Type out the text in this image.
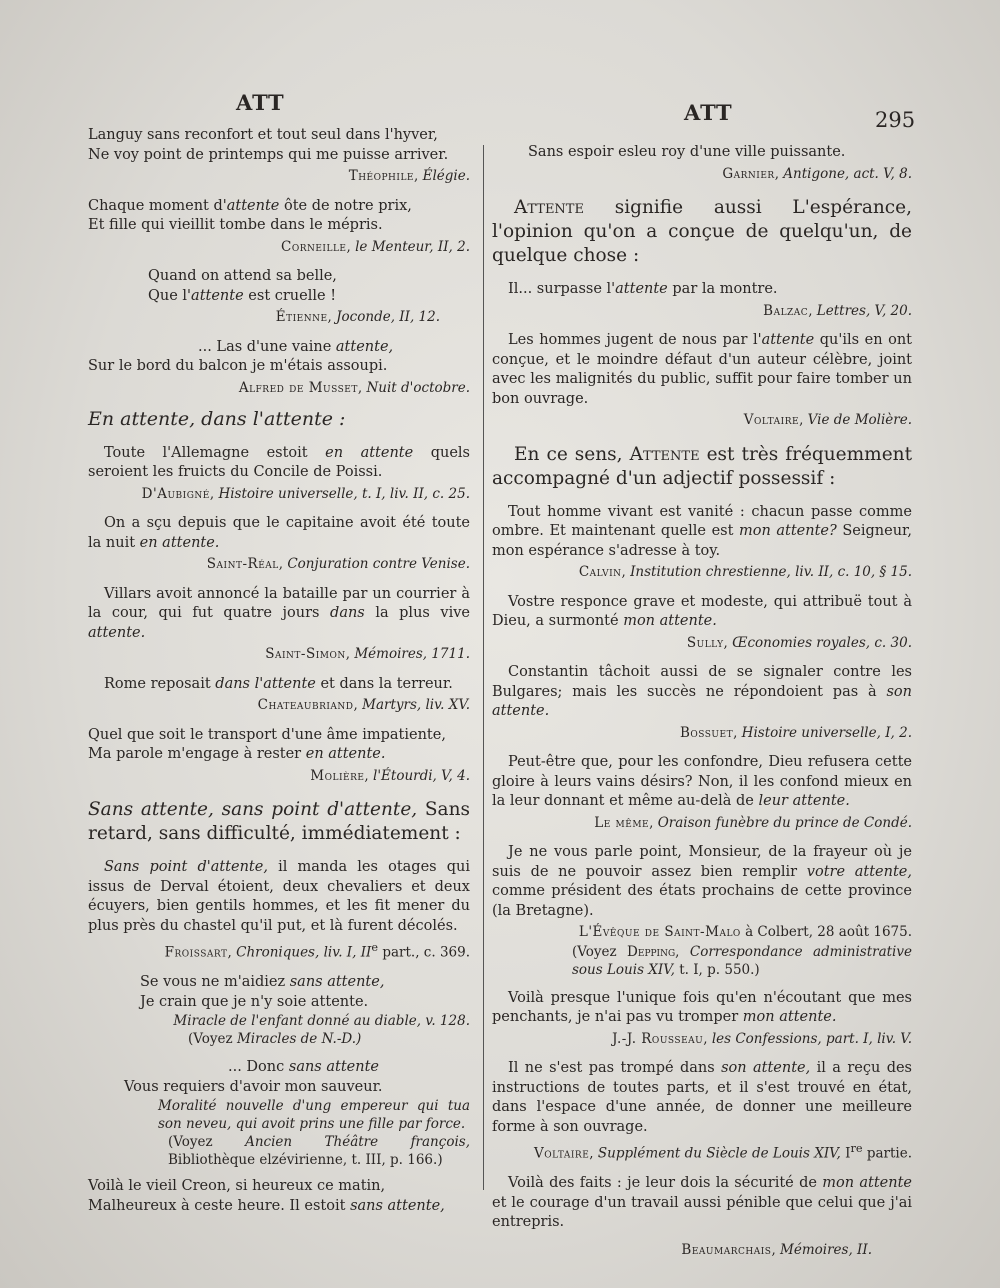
ATT	ATT	295

Languy sans reconfort et tout seul dans l'hyver,

Ne voy point de printemps qui me puisse arriver.

Théophile, Élégie.

Chaque moment d'attente ôte de notre prix,

Et fille qui vieillit tombe dans le mépris.

Corneille, le Menteur, II, 2.

Quand on attend sa belle,

Que l'attente est cruelle !

Étienne, Joconde, II, 12.

... Las d'une vaine attente,

Sur le bord du balcon je m'étais assoupi.

Alfred de Musset, Nuit d'octobre.

En attente, dans l'attente :

Toute l'Allemagne estoit en attente quels seroient les fruicts du Concile de Poissi.

D'Aubigné, Histoire universelle, t. I, liv. II, c. 25.

On a sçu depuis que le capitaine avoit été toute la nuit en attente.

Saint-Réal, Conjuration contre Venise.

Villars avoit annoncé la bataille par un courrier à la cour, qui fut quatre jours dans la plus vive attente.

Saint-Simon, Mémoires, 1711.

Rome reposait dans l'attente et dans la terreur.

Chateaubriand, Martyrs, liv. XV.

Quel que soit le transport d'une âme impatiente,

Ma parole m'engage à rester en attente.

Molière, l'Étourdi, V, 4.

Sans attente, sans point d'attente, Sans retard, sans difficulté, immédiatement :

Sans point d'attente, il manda les otages qui issus de Derval étoient, deux chevaliers et deux écuyers, bien gentils hommes, et les fit mener du plus près du chastel qu'il put, et là furent décolés.

Froissart, Chroniques, liv. I, IIe part., c. 369.

Se vous ne m'aidiez sans attente,

Je crain que je n'y soie attente.

Miracle de l'enfant donné au diable, v. 128.

(Voyez Miracles de N.-D.)

... Donc sans attente

Vous requiers d'avoir mon sauveur.

Moralité nouvelle d'ung empereur qui tua son neveu, qui avoit prins une fille par force.

(Voyez Ancien Théâtre françois, Bibliothèque elzévirienne, t. III, p. 166.)

Voilà le vieil Creon, si heureux ce matin,

Malheureux à ceste heure. Il estoit sans attente,

Sans espoir esleu roy d'une ville puissante.

Garnier, Antigone, act. V, 8.

Attente signifie aussi L'espérance, l'opinion qu'on a conçue de quelqu'un, de quelque chose :

Il... surpasse l'attente par la montre.

Balzac, Lettres, V, 20.

Les hommes jugent de nous par l'attente qu'ils en ont conçue, et le moindre défaut d'un auteur célèbre, joint avec les malignités du public, suffit pour faire tomber un bon ouvrage.

Voltaire, Vie de Molière.

En ce sens, Attente est très fréquemment accompagné d'un adjectif possessif :

Tout homme vivant est vanité : chacun passe comme ombre. Et maintenant quelle est mon attente? Seigneur, mon espérance s'adresse à toy.

Calvin, Institution chrestienne, liv. II, c. 10, § 15.

Vostre responce grave et modeste, qui attribuë tout à Dieu, a surmonté mon attente.

Sully, Œconomies royales, c. 30.

Constantin tâchoit aussi de se signaler contre les Bulgares; mais les succès ne répondoient pas à son attente.

Bossuet, Histoire universelle, I, 2.

Peut-être que, pour les confondre, Dieu refusera cette gloire à leurs vains désirs? Non, il les confond mieux en la leur donnant et même au-delà de leur attente.

Le même, Oraison funèbre du prince de Condé.

Je ne vous parle point, Monsieur, de la frayeur où je suis de ne pouvoir assez bien remplir votre attente, comme président des états prochains de cette province (la Bretagne).

L'Évêque de Saint-Malo à Colbert, 28 août 1675.

(Voyez Depping, Correspondance administrative sous Louis XIV, t. I, p. 550.)

Voilà presque l'unique fois qu'en n'écoutant que mes penchants, je n'ai pas vu tromper mon attente.

J.-J. Rousseau, les Confessions, part. I, liv. V.

Il ne s'est pas trompé dans son attente, il a reçu des instructions de toutes parts, et il s'est trouvé en état, dans l'espace d'une année, de donner une meilleure forme à son ouvrage.

Voltaire, Supplément du Siècle de Louis XIV, Ire partie.

Voilà des faits : je leur dois la sécurité de mon attente et le courage d'un travail aussi pénible que celui que j'ai entrepris.

Beaumarchais, Mémoires, II.
